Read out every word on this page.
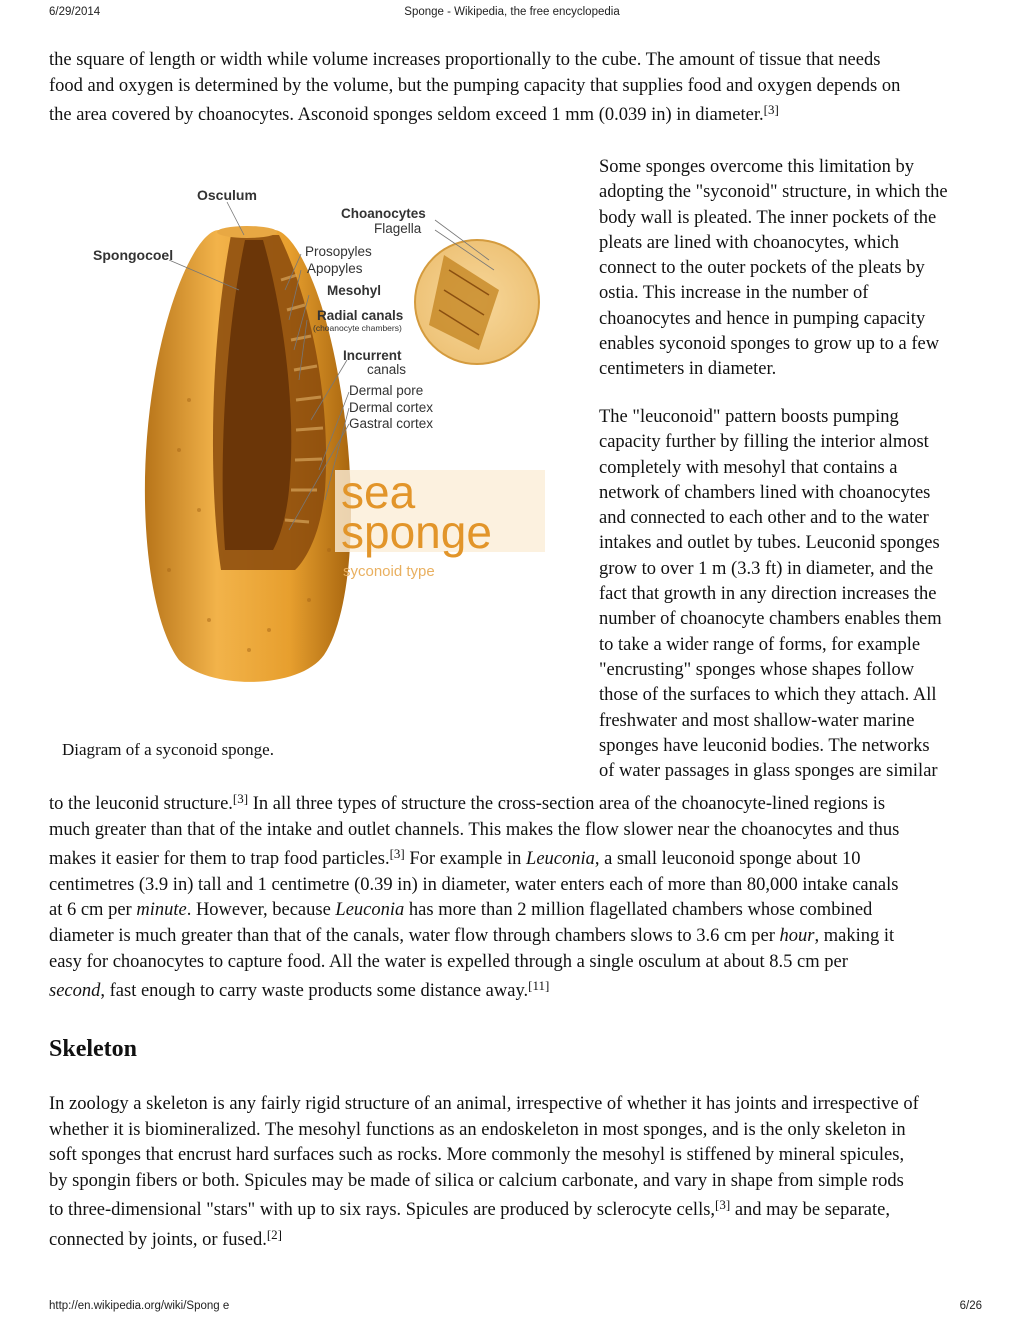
6/29/2014	Sponge - Wikipedia, the free encyclopedia

the square of length or width while volume increases proportionally to the cube. The amount of tissue that needs
food and oxygen is determined by the volume, but the pumping capacity that supplies food and oxygen depends on
the area covered by choanocytes. Asconoid sponges seldom exceed 1 mm (0.039 in) in diameter.[3]

Osculum
Spongocoel
Choanocytes
Flagella
Prosopyles
Apopyles
Mesohyl
Radial canals
(choanocyte chambers)
Incurrent
canals
Dermal pore
Dermal cortex
Gastral cortex
sea
sponge
syconoid type
Diagram of a syconoid sponge.

Some sponges overcome this limitation by
adopting the "syconoid" structure, in which the
body wall is pleated. The inner pockets of the
pleats are lined with choanocytes, which
connect to the outer pockets of the pleats by
ostia. This increase in the number of
choanocytes and hence in pumping capacity
enables syconoid sponges to grow up to a few
centimeters in diameter.

The "leuconoid" pattern boosts pumping
capacity further by filling the interior almost
completely with mesohyl that contains a
network of chambers lined with choanocytes
and connected to each other and to the water
intakes and outlet by tubes. Leuconid sponges
grow to over 1 m (3.3 ft) in diameter, and the
fact that growth in any direction increases the
number of choanocyte chambers enables them
to take a wider range of forms, for example
"encrusting" sponges whose shapes follow
those of the surfaces to which they attach. All
freshwater and most shallow-water marine
sponges have leuconid bodies. The networks
of water passages in glass sponges are similar

to the leuconid structure.[3] In all three types of structure the cross-section area of the choanocyte-lined regions is
much greater than that of the intake and outlet channels. This makes the flow slower near the choanocytes and thus
makes it easier for them to trap food particles.[3] For example in Leuconia, a small leuconoid sponge about 10
centimetres (3.9 in) tall and 1 centimetre (0.39 in) in diameter, water enters each of more than 80,000 intake canals
at 6 cm per minute. However, because Leuconia has more than 2 million flagellated chambers whose combined
diameter is much greater than that of the canals, water flow through chambers slows to 3.6 cm per hour, making it
easy for choanocytes to capture food. All the water is expelled through a single osculum at about 8.5 cm per
second, fast enough to carry waste products some distance away.[11]

Skeleton

In zoology a skeleton is any fairly rigid structure of an animal, irrespective of whether it has joints and irrespective of
whether it is biomineralized. The mesohyl functions as an endoskeleton in most sponges, and is the only skeleton in
soft sponges that encrust hard surfaces such as rocks. More commonly the mesohyl is stiffened by mineral spicules,
by spongin fibers or both. Spicules may be made of silica or calcium carbonate, and vary in shape from simple rods
to three-dimensional "stars" with up to six rays. Spicules are produced by sclerocyte cells,[3] and may be separate,
connected by joints, or fused.[2]

http://en.wikipedia.org/wiki/Spong e	6/26
